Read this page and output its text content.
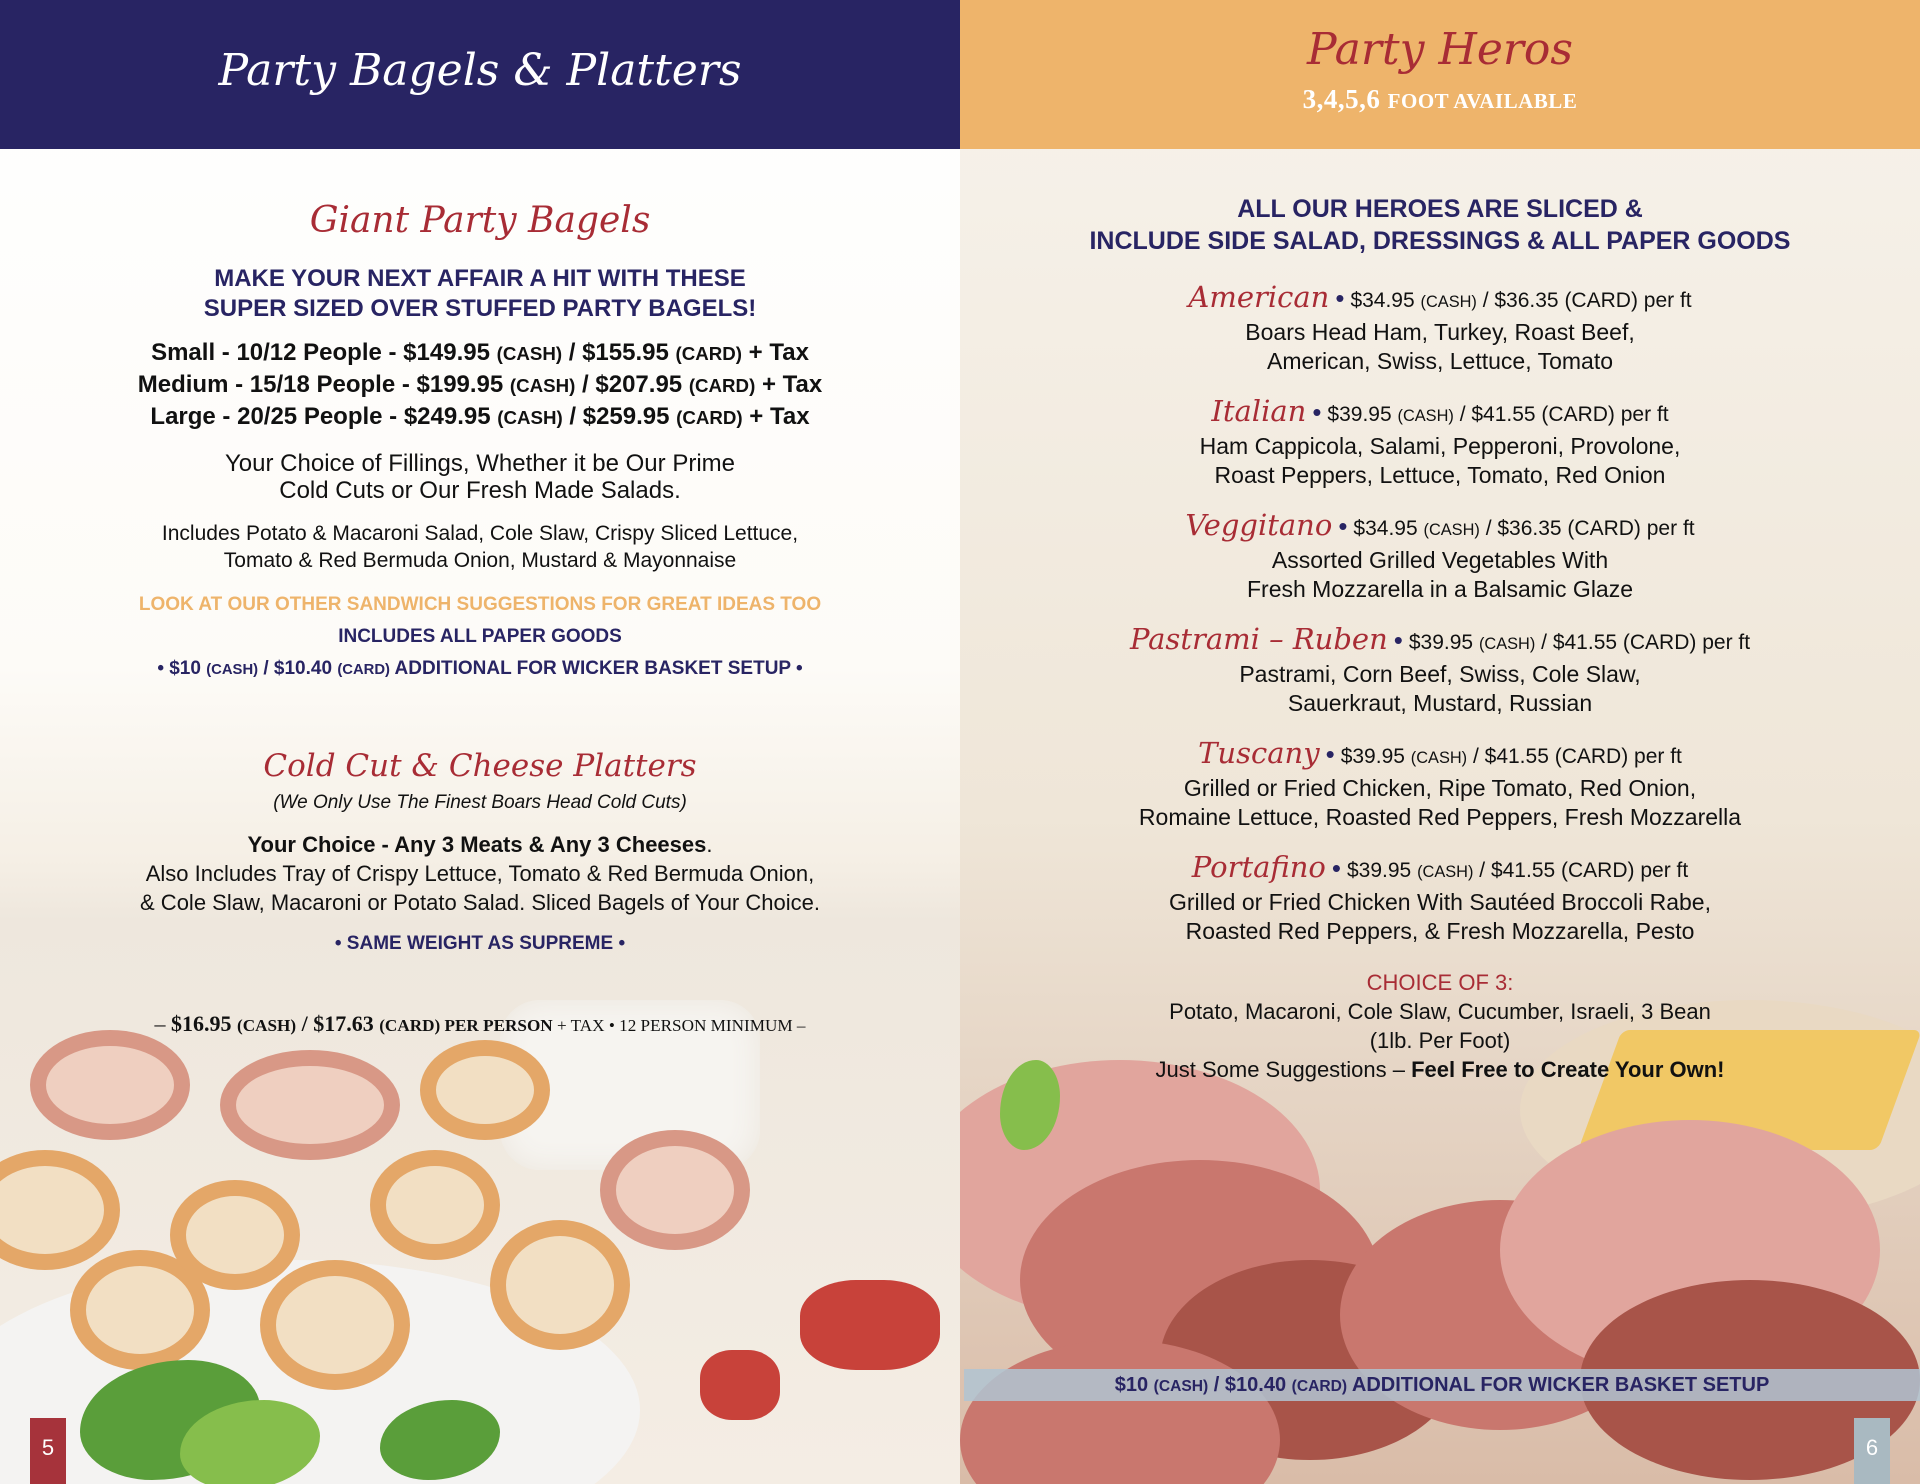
Party Bagels & Platters
Giant Party Bagels
MAKE YOUR NEXT AFFAIR A HIT WITH THESE
SUPER SIZED OVER STUFFED PARTY BAGELS!
Small - 10/12 People - $149.95 (CASH) / $155.95 (CARD) + Tax
Medium - 15/18 People - $199.95 (CASH) / $207.95 (CARD) + Tax
Large - 20/25 People - $249.95 (CASH) / $259.95 (CARD) + Tax
Your Choice of Fillings, Whether it be Our Prime
Cold Cuts or Our Fresh Made Salads.
Includes Potato & Macaroni Salad, Cole Slaw, Crispy Sliced Lettuce,
Tomato & Red Bermuda Onion, Mustard & Mayonnaise
LOOK AT OUR OTHER SANDWICH SUGGESTIONS FOR GREAT IDEAS TOO
INCLUDES ALL PAPER GOODS
• $10 (CASH) / $10.40 (CARD) ADDITIONAL FOR WICKER BASKET SETUP •
Cold Cut & Cheese Platters
(We Only Use The Finest Boars Head Cold Cuts)
Your Choice - Any 3 Meats & Any 3 Cheeses.
Also Includes Tray of Crispy Lettuce, Tomato & Red Bermuda Onion,
& Cole Slaw, Macaroni or Potato Salad. Sliced Bagels of Your Choice.
• SAME WEIGHT AS SUPREME •
– $16.95 (CASH) / $17.63 (CARD) PER PERSON + TAX • 12 PERSON MINIMUM –
5
Party Heros
3,4,5,6 FOOT AVAILABLE
ALL OUR HEROES ARE SLICED &
INCLUDE SIDE SALAD, DRESSINGS & ALL PAPER GOODS
American • $34.95 (CASH) / $36.35 (CARD) per ft
Boars Head Ham, Turkey, Roast Beef,
American, Swiss, Lettuce, Tomato
Italian • $39.95 (CASH) / $41.55 (CARD) per ft
Ham Cappicola, Salami, Pepperoni, Provolone,
Roast Peppers, Lettuce, Tomato, Red Onion
Veggitano • $34.95 (CASH) / $36.35 (CARD) per ft
Assorted Grilled Vegetables With
Fresh Mozzarella in a Balsamic Glaze
Pastrami – Ruben • $39.95 (CASH) / $41.55 (CARD) per ft
Pastrami, Corn Beef, Swiss, Cole Slaw,
Sauerkraut, Mustard, Russian
Tuscany • $39.95 (CASH) / $41.55 (CARD) per ft
Grilled or Fried Chicken, Ripe Tomato, Red Onion,
Romaine Lettuce, Roasted Red Peppers, Fresh Mozzarella
Portafino • $39.95 (CASH) / $41.55 (CARD) per ft
Grilled or Fried Chicken With Sautéed Broccoli Rabe,
Roasted Red Peppers, & Fresh Mozzarella, Pesto
CHOICE OF 3:
Potato, Macaroni, Cole Slaw, Cucumber, Israeli, 3 Bean
(1lb. Per Foot)
Just Some Suggestions – Feel Free to Create Your Own!
$10 (CASH) / $10.40 (CARD) ADDITIONAL FOR WICKER BASKET SETUP
6
